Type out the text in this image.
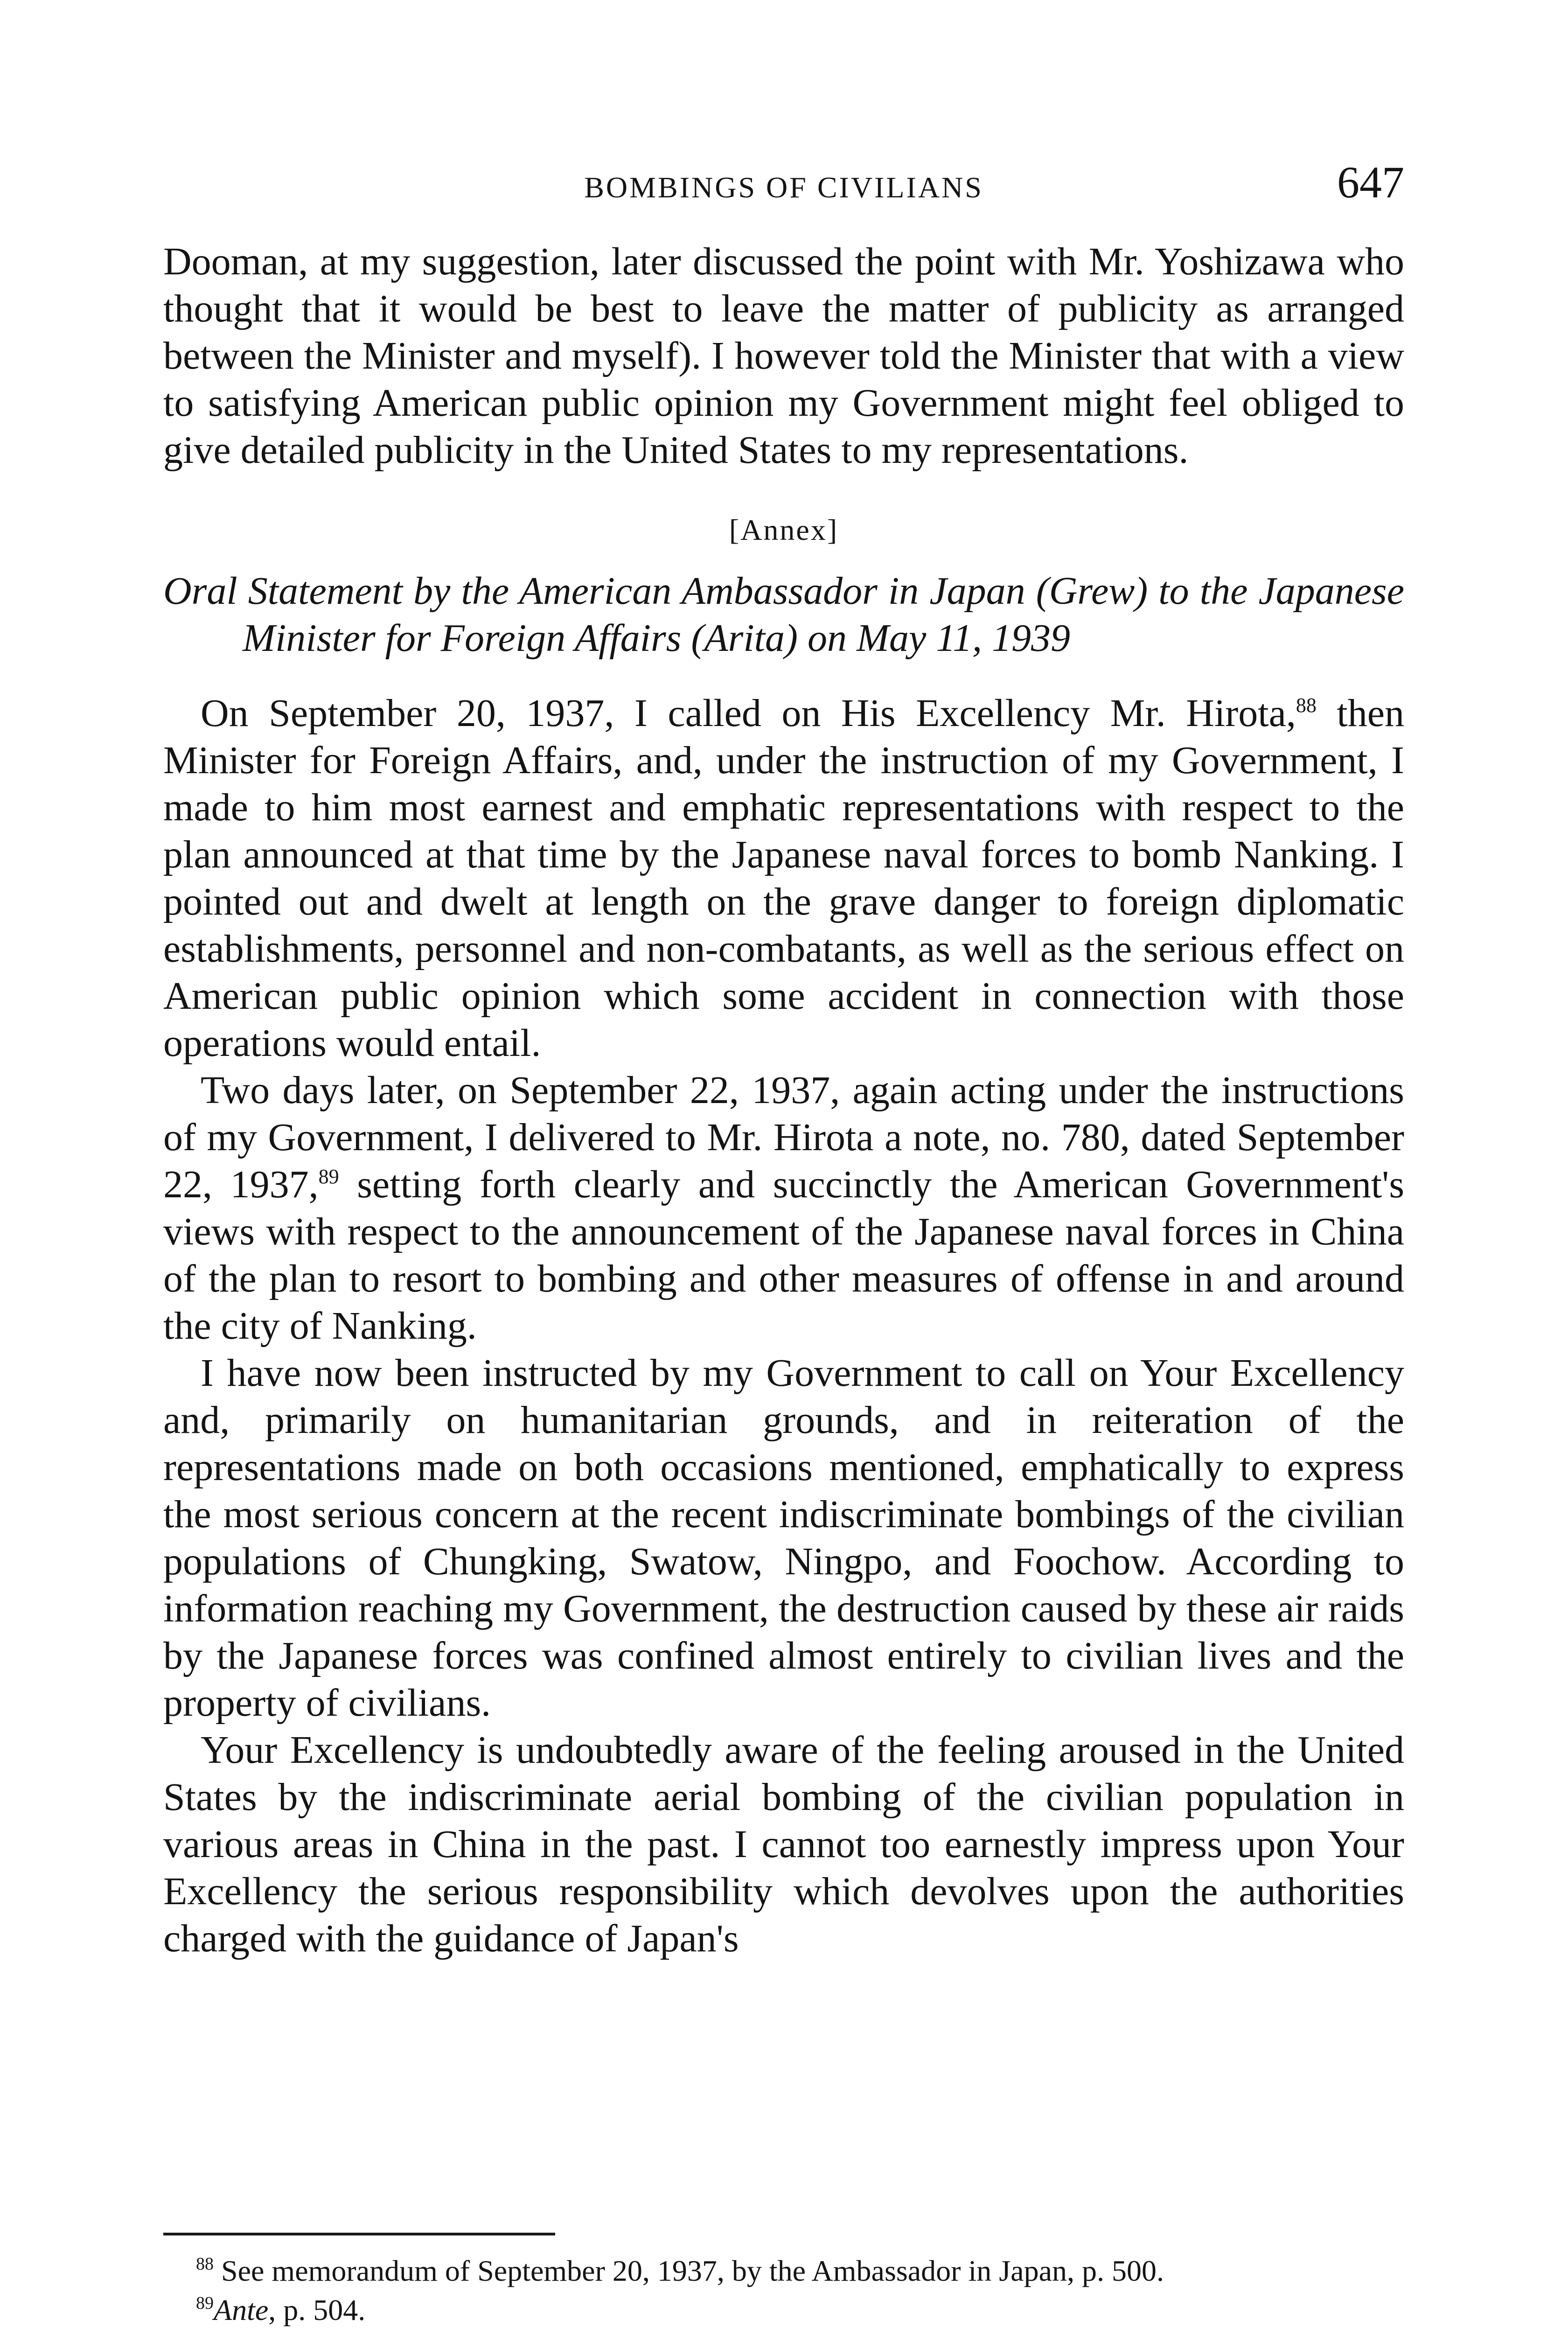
BOMBINGS OF CIVILIANS	647

Dooman, at my suggestion, later discussed the point with Mr. Yoshizawa who thought that it would be best to leave the matter of publicity as arranged between the Minister and myself). I however told the Minister that with a view to satisfying American public opinion my Government might feel obliged to give detailed publicity in the United States to my representations.

[Annex]

Oral Statement by the American Ambassador in Japan (Grew) to the Japanese Minister for Foreign Affairs (Arita) on May 11, 1939

On September 20, 1937, I called on His Excellency Mr. Hirota,$^{88}$ then Minister for Foreign Affairs, and, under the instruction of my Government, I made to him most earnest and emphatic representations with respect to the plan announced at that time by the Japanese naval forces to bomb Nanking. I pointed out and dwelt at length on the grave danger to foreign diplomatic establishments, personnel and non-combatants, as well as the serious effect on American public opinion which some accident in connection with those operations would entail.

Two days later, on September 22, 1937, again acting under the instructions of my Government, I delivered to Mr. Hirota a note, no. 780, dated September 22, 1937,89 setting forth clearly and succinctly the American Government's views with respect to the announcement of the Japanese naval forces in China of the plan to resort to bombing and other measures of offense in and around the city of Nanking.

I have now been instructed by my Government to call on Your Excellency and, primarily on humanitarian grounds, and in reiteration of the representations made on both occasions mentioned, emphatically to express the most serious concern at the recent indiscriminate bombings of the civilian populations of Chungking, Swatow, Ningpo, and Foochow. According to information reaching my Government, the destruction caused by these air raids by the Japanese forces was confined almost entirely to civilian lives and the property of civilians.

Your Excellency is undoubtedly aware of the feeling aroused in the United States by the indiscriminate aerial bombing of the civilian population in various areas in China in the past. I cannot too earnestly impress upon Your Excellency the serious responsibility which devolves upon the authorities charged with the guidance of Japan's

$^{88}$ See memorandum of September 20, 1937, by the Ambassador in Japan, p. 500.

$^{89}$Ante, p. 504.
